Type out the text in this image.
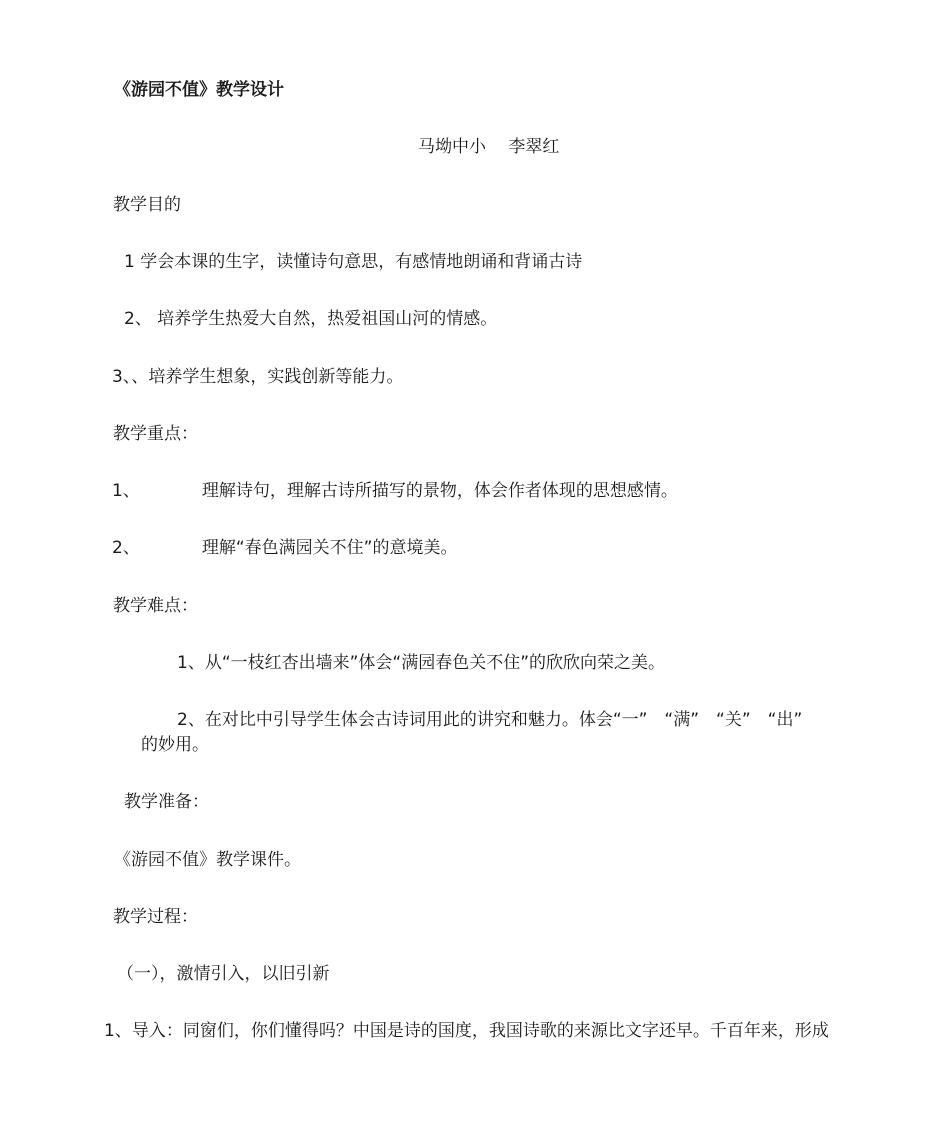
《游园不值》教学设计
马坳中小　 李翠红
教学目的
1 学会本课的生字，读懂诗句意思，有感情地朗诵和背诵古诗
2、 培养学生热爱大自然，热爱祖国山河的情感。
3、、培养学生想象，实践创新等能力。
教学重点：
1、	理解诗句，理解古诗所描写的景物，体会作者体现的思想感情。
2、	理解“春色满园关不住”的意境美。
教学难点：
1、从“一枝红杏出墙来”体会“满园春色关不住”的欣欣向荣之美。
2、在对比中引导学生体会古诗词用此的讲究和魅力。体会“一”　“满”　“关”　“出”
的妙用。
教学准备：
《游园不值》教学课件。
教学过程：
（一），激情引入，以旧引新
1、导入：同窗们，你们懂得吗？中国是诗的国度，我国诗歌的来源比文字还早。千百年来，形成
